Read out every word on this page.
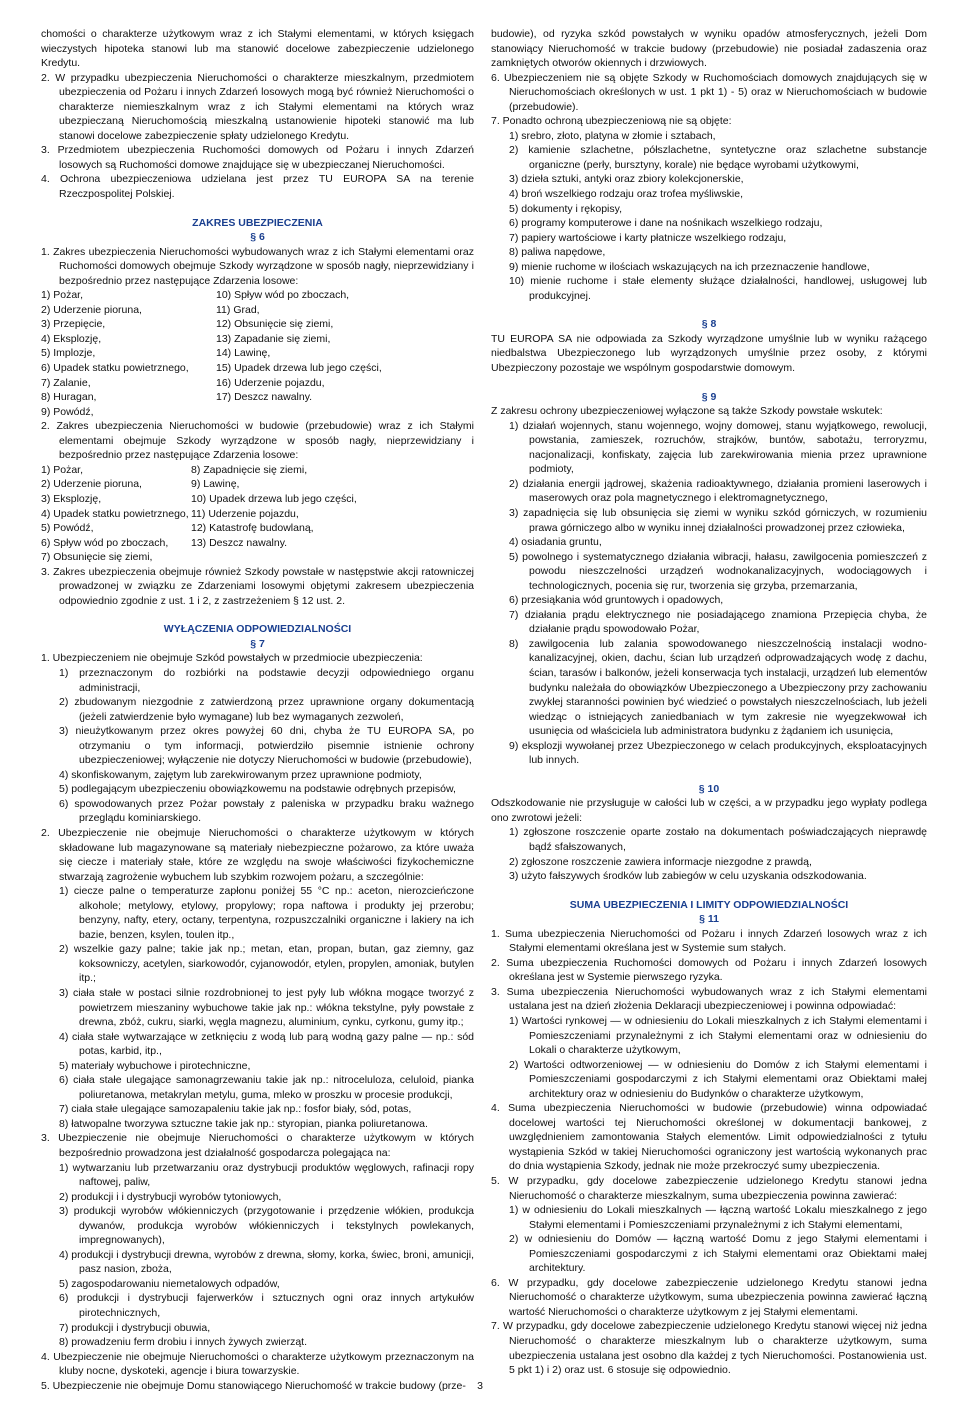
chomości o charakterze użytkowym wraz z ich Stałymi elementami, w których księgach wieczystych hipoteka stanowi lub ma stanowić docelowe zabezpieczenie udzielonego Kredytu.

2. W przypadku ubezpieczenia Nieruchomości o charakterze mieszkalnym, przedmiotem ubezpieczenia od Pożaru i innych Zdarzeń losowych mogą być również Nieruchomości o charakterze niemieszkalnym wraz z ich Stałymi elementami na których wraz ubezpieczaną Nieruchomością mieszkalną ustanowienie hipoteki stanowić ma lub stanowi docelowe zabezpieczenie spłaty udzielonego Kredytu.

3. Przedmiotem ubezpieczenia Ruchomości domowych od Pożaru i innych Zdarzeń losowych są Ruchomości domowe znajdujące się w ubezpieczanej Nieruchomości.

4. Ochrona ubezpieczeniowa udzielana jest przez TU EUROPA SA na terenie Rzeczpospolitej Polskiej.

ZAKRES UBEZPIECZENIA

§ 6

1. Zakres ubezpieczenia Nieruchomości wybudowanych wraz z ich Stałymi elementami oraz Ruchomości domowych obejmuje Szkody wyrządzone w sposób nagły, nieprzewidziany i bezpośrednio przez następujące Zdarzenia losowe:

1) Pożar,	10) Spływ wód po zboczach,
2) Uderzenie pioruna,	11) Grad,
3) Przepięcie,	12) Obsunięcie się ziemi,
4) Eksplozję,	13) Zapadanie się ziemi,
5) Implozje,	14) Lawinę,
6) Upadek statku powietrznego,	15) Upadek drzewa lub jego części,
7) Zalanie,	16) Uderzenie pojazdu,
8) Huragan,	17) Deszcz nawalny.
9) Powódź,

2. Zakres ubezpieczenia Nieruchomości w budowie (przebudowie) wraz z ich Stałymi elementami obejmuje Szkody wyrządzone w sposób nagły, nieprzewidziany i bezpośrednio przez następujące Zdarzenia losowe:

1) Pożar,	8) Zapadnięcie się ziemi,
2) Uderzenie pioruna,	9) Lawinę,
3) Eksplozję,	10) Upadek drzewa lub jego części,
4) Upadek statku powietrznego, 11) Uderzenie pojazdu,
5) Powódź,	12) Katastrofę budowlaną,
6) Spływ wód po zboczach,	13) Deszcz nawalny.
7) Obsunięcie się ziemi,

3. Zakres ubezpieczenia obejmuje również Szkody powstałe w następstwie akcji ratowniczej prowadzonej w związku ze Zdarzeniami losowymi objętymi zakresem ubezpieczenia odpowiednio zgodnie z ust. 1 i 2, z zastrzeżeniem § 12 ust. 2.

WYŁĄCZENIA ODPOWIEDZIALNOŚCI

§ 7

1. Ubezpieczeniem nie obejmuje Szkód powstałych w przedmiocie ubezpieczenia:

1) przeznaczonym do rozbiórki na podstawie decyzji odpowiedniego organu administracji,

2) zbudowanym niezgodnie z zatwierdzoną przez uprawnione organy dokumentacją (jeżeli zatwierdzenie było wymagane) lub bez wymaganych zezwoleń,

3) nieużytkowanym przez okres powyżej 60 dni, chyba że TU EUROPA SA, po otrzymaniu o tym informacji, potwierdziło pisemnie istnienie ochrony ubezpieczeniowej; wyłączenie nie dotyczy Nieruchomości w budowie (przebudowie),

4) skonfiskowanym, zajętym lub zarekwirowanym przez uprawnione podmioty,

5) podlegającym ubezpieczeniu obowiązkowemu na podstawie odrębnych przepisów,

6) spowodowanych przez Pożar powstały z paleniska w przypadku braku ważnego przeglądu kominiarskiego.

2. Ubezpieczenie nie obejmuje Nieruchomości o charakterze użytkowym w których składowane lub magazynowane są materiały niebezpieczne pożarowo, za które uważa się ciecze i materiały stałe, które ze względu na swoje właściwości fizykochemiczne stwarzają zagrożenie wybuchem lub szybkim rozwojem pożaru, a szczególnie:

1) ciecze palne o temperaturze zapłonu poniżej 55 °C np.: aceton, nierozcieńczone alkohole; metylowy, etylowy, propylowy; ropa naftowa i produkty jej przerobu; benzyny, nafty, etery, octany, terpentyna, rozpuszczalniki organiczne i lakiery na ich bazie, benzen, ksylen, toulen itp.,

2) wszelkie gazy palne; takie jak np.; metan, etan, propan, butan, gaz ziemny, gaz koksowniczy, acetylen, siarkowodór, cyjanowodór, etylen, propylen, amoniak, butylen itp.;

3) ciała stałe w postaci silnie rozdrobnionej to jest pyły lub włókna mogące tworzyć z powietrzem mieszaniny wybuchowe takie jak np.: włókna tekstylne, pyły powstałe z drewna, zbóż, cukru, siarki, węgla magnezu, aluminium, cynku, cyrkonu, gumy itp.;

4) ciała stałe wytwarzające w zetknięciu z wodą lub parą wodną gazy palne — np.: sód potas, karbid, itp.,

5) materiały wybuchowe i pirotechniczne,

6) ciała stałe ulegające samonagrzewaniu takie jak np.: nitroceluloza, celuloid, pianka poliuretanowa, metakrylan metylu, guma, mleko w proszku w procesie produkcji,

7) ciała stałe ulegające samozapaleniu takie jak np.: fosfor biały, sód, potas,

8) łatwopalne tworzywa sztuczne takie jak np.: styropian, pianka poliuretanowa.

3. Ubezpieczenie nie obejmuje Nieruchomości o charakterze użytkowym w których bezpośrednio prowadzona jest działalność gospodarcza polegająca na:

1) wytwarzaniu lub przetwarzaniu oraz dystrybucji produktów węglowych, rafinacji ropy naftowej, paliw,

2) produkcji i i dystrybucji wyrobów tytoniowych,

3) produkcji wyrobów włókienniczych (przygotowanie i przędzenie włókien, produkcja dywanów, produkcja wyrobów włókienniczych i tekstylnych powlekanych, impregnowanych),

4) produkcji i dystrybucji drewna, wyrobów z drewna, słomy, korka, świec, broni, amunicji, pasz nasion, zboża,

5) zagospodarowaniu niemetalowych odpadów,

6) produkcji i dystrybucji fajerwerków i sztucznych ogni oraz innych artykułów pirotechnicznych,

7) produkcji i dystrybucji obuwia,

8) prowadzeniu ferm drobiu i innych żywych zwierząt.

4. Ubezpieczenie nie obejmuje Nieruchomości o charakterze użytkowym przeznaczonym na kluby nocne, dyskoteki, agencje i biura towarzyskie.

5. Ubezpieczenie nie obejmuje Domu stanowiącego Nieruchomość w trakcie budowy (prze-

budowie), od ryzyka szkód powstałych w wyniku opadów atmosferycznych, jeżeli Dom stanowiący Nieruchomość w trakcie budowy (przebudowie) nie posiadał zadaszenia oraz zamkniętych otworów okiennych i drzwiowych.

6. Ubezpieczeniem nie są objęte Szkody w Ruchomościach domowych znajdujących się w Nieruchomościach określonych w ust. 1 pkt 1) - 5) oraz w Nieruchomościach w budowie (przebudowie).

7. Ponadto ochroną ubezpieczeniową nie są objęte:

1) srebro, złoto, platyna w złomie i sztabach,

2) kamienie szlachetne, półszlachetne, syntetyczne oraz szlachetne substancje organiczne (perły, bursztyny, korale) nie będące wyrobami użytkowymi,

3) dzieła sztuki, antyki oraz zbiory kolekcjonerskie,

4) broń wszelkiego rodzaju oraz trofea myśliwskie,

5) dokumenty i rękopisy,

6) programy komputerowe i dane na nośnikach wszelkiego rodzaju,

7) papiery wartościowe i karty płatnicze wszelkiego rodzaju,

8) paliwa napędowe,

9) mienie ruchome w ilościach wskazujących na ich przeznaczenie handlowe,

10) mienie ruchome i stałe elementy służące działalności, handlowej, usługowej lub produkcyjnej.

§ 8

TU EUROPA SA nie odpowiada za Szkody wyrządzone umyślnie lub w wyniku rażącego niedbalstwa Ubezpieczonego lub wyrządzonych umyślnie przez osoby, z którymi Ubezpieczony pozostaje we wspólnym gospodarstwie domowym.

§ 9

Z zakresu ochrony ubezpieczeniowej wyłączone są także Szkody powstałe wskutek:

1) działań wojennych, stanu wojennego, wojny domowej, stanu wyjątkowego, rewolucji, powstania, zamieszek, rozruchów, strajków, buntów, sabotażu, terroryzmu, nacjonalizacji, konfiskaty, zajęcia lub zarekwirowania mienia przez uprawnione podmioty,

2) działania energii jądrowej, skażenia radioaktywnego, działania promieni laserowych i maserowych oraz pola magnetycznego i elektromagnetycznego,

3) zapadnięcia się lub obsunięcia się ziemi w wyniku szkód górniczych, w rozumieniu prawa górniczego albo w wyniku innej działalności prowadzonej przez człowieka,

4) osiadania gruntu,

5) powolnego i systematycznego działania wibracji, hałasu, zawilgocenia pomieszczeń z powodu nieszczelności urządzeń wodnokanalizacyjnych, wodociągowych i technologicznych, pocenia się rur, tworzenia się grzyba, przemarzania,

6) przesiąkania wód gruntowych i opadowych,

7) działania prądu elektrycznego nie posiadającego znamiona Przepięcia chyba, że działanie prądu spowodowało Pożar,

8) zawilgocenia lub zalania spowodowanego nieszczelnością instalacji wodno-kanalizacyjnej, okien, dachu, ścian lub urządzeń odprowadzających wodę z dachu, ścian, tarasów i balkonów, jeżeli konserwacja tych instalacji, urządzeń lub elementów budynku należała do obowiązków Ubezpieczonego a Ubezpieczony przy zachowaniu zwykłej staranności powinien być wiedzieć o powstałych nieszczelnościach, lub jeżeli wiedząc o istniejących zaniedbaniach w tym zakresie nie wyegzekwował ich usunięcia od właściciela lub administratora budynku z żądaniem ich usunięcia,

9) eksplozji wywołanej przez Ubezpieczonego w celach produkcyjnych, eksploatacyjnych lub innych.

§ 10

Odszkodowanie nie przysługuje w całości lub w części, a w przypadku jego wypłaty podlega ono zwrotowi jeżeli:

1) zgłoszone roszczenie oparte zostało na dokumentach poświadczających nieprawdę bądź sfałszowanych,

2) zgłoszone roszczenie zawiera informacje niezgodne z prawdą,

3) użyto fałszywych środków lub zabiegów w celu uzyskania odszkodowania.

SUMA UBEZPIECZENIA I LIMITY ODPOWIEDZIALNOŚCI

§ 11

1. Suma ubezpieczenia Nieruchomości od Pożaru i innych Zdarzeń losowych wraz z ich Stałymi elementami określana jest w Systemie sum stałych.

2. Suma ubezpieczenia Ruchomości domowych od Pożaru i innych Zdarzeń losowych określana jest w Systemie pierwszego ryzyka.

3. Suma ubezpieczenia Nieruchomości wybudowanych wraz z ich Stałymi elementami ustalana jest na dzień złożenia Deklaracji ubezpieczeniowej i powinna odpowiadać:

1) Wartości rynkowej — w odniesieniu do Lokali mieszkalnych z ich Stałymi elementami i Pomieszczeniami przynależnymi z ich Stałymi elementami oraz w odniesieniu do Lokali o charakterze użytkowym,

2) Wartości odtworzeniowej — w odniesieniu do Domów z ich Stałymi elementami i Pomieszczeniami gospodarczymi z ich Stałymi elementami oraz Obiektami małej architektury oraz w odniesieniu do Budynków o charakterze użytkowym,

4. Suma ubezpieczenia Nieruchomości w budowie (przebudowie) winna odpowiadać docelowej wartości tej Nieruchomości określonej w dokumentacji bankowej, z uwzględnieniem zamontowania Stałych elementów. Limit odpowiedzialności z tytułu wystąpienia Szkód w takiej Nieruchomości ograniczony jest wartością wykonanych prac do dnia wystąpienia Szkody, jednak nie może przekroczyć sumy ubezpieczenia.

5. W przypadku, gdy docelowe zabezpieczenie udzielonego Kredytu stanowi jedna Nieruchomość o charakterze mieszkalnym, suma ubezpieczenia powinna zawierać:

1) w odniesieniu do Lokali mieszkalnych — łączną wartość Lokalu mieszkalnego z jego Stałymi elementami i Pomieszczeniami przynależnymi z ich Stałymi elementami,

2) w odniesieniu do Domów — łączną wartość Domu z jego Stałymi elementami i Pomieszczeniami gospodarczymi z ich Stałymi elementami oraz Obiektami małej architektury.

6. W przypadku, gdy docelowe zabezpieczenie udzielonego Kredytu stanowi jedna Nieruchomość o charakterze użytkowym, suma ubezpieczenia powinna zawierać łączną wartość Nieruchomości o charakterze użytkowym z jej Stałymi elementami.

7. W przypadku, gdy docelowe zabezpieczenie udzielonego Kredytu stanowi więcej niż jedna Nieruchomość o charakterze mieszkalnym lub o charakterze użytkowym, suma ubezpieczenia ustalana jest osobno dla każdej z tych Nieruchomości. Postanowienia ust. 5 pkt 1) i 2) oraz ust. 6 stosuje się odpowiednio.

3
